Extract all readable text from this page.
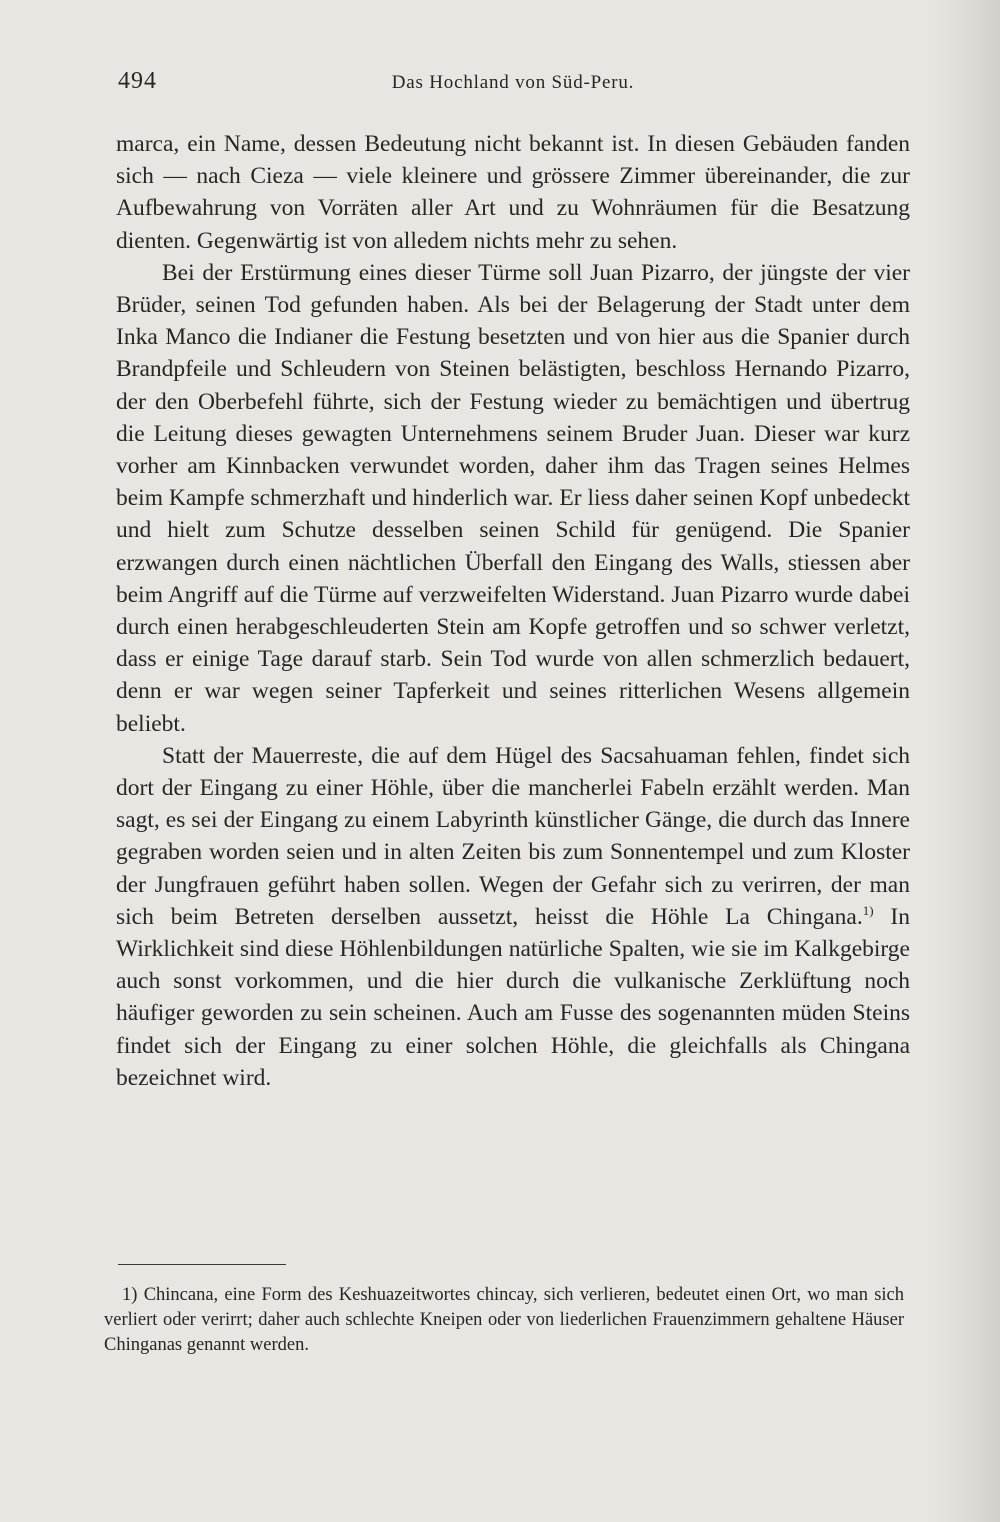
494	Das Hochland von Süd-Peru.

marca, ein Name, dessen Bedeutung nicht bekannt ist. In diesen Gebäuden fanden sich — nach Cieza — viele kleinere und grössere Zimmer übereinander, die zur Aufbewahrung von Vorräten aller Art und zu Wohnräumen für die Besatzung dienten. Gegenwärtig ist von alledem nichts mehr zu sehen.

Bei der Erstürmung eines dieser Türme soll Juan Pizarro, der jüngste der vier Brüder, seinen Tod gefunden haben. Als bei der Belagerung der Stadt unter dem Inka Manco die Indianer die Festung besetzten und von hier aus die Spanier durch Brandpfeile und Schleudern von Steinen belästigten, beschloss Hernando Pizarro, der den Oberbefehl führte, sich der Festung wieder zu bemächtigen und übertrug die Leitung dieses gewagten Unternehmens seinem Bruder Juan. Dieser war kurz vorher am Kinnbacken verwundet worden, daher ihm das Tragen seines Helmes beim Kampfe schmerzhaft und hinderlich war. Er liess daher seinen Kopf unbedeckt und hielt zum Schutze desselben seinen Schild für genügend. Die Spanier erzwangen durch einen nächtlichen Überfall den Eingang des Walls, stiessen aber beim Angriff auf die Türme auf verzweifelten Widerstand. Juan Pizarro wurde dabei durch einen herabgeschleuderten Stein am Kopfe getroffen und so schwer verletzt, dass er einige Tage darauf starb. Sein Tod wurde von allen schmerzlich bedauert, denn er war wegen seiner Tapferkeit und seines ritterlichen Wesens allgemein beliebt.

Statt der Mauerreste, die auf dem Hügel des Sacsahuaman fehlen, findet sich dort der Eingang zu einer Höhle, über die mancherlei Fabeln erzählt werden. Man sagt, es sei der Eingang zu einem Labyrinth künstlicher Gänge, die durch das Innere gegraben worden seien und in alten Zeiten bis zum Sonnentempel und zum Kloster der Jungfrauen geführt haben sollen. Wegen der Gefahr sich zu verirren, der man sich beim Betreten derselben aussetzt, heisst die Höhle La Chingana.$^{1)}$ In Wirklichkeit sind diese Höhlenbildungen natürliche Spalten, wie sie im Kalkgebirge auch sonst vorkommen, und die hier durch die vulkanische Zerklüftung noch häufiger geworden zu sein scheinen. Auch am Fusse des sogenannten müden Steins findet sich der Eingang zu einer solchen Höhle, die gleichfalls als Chingana bezeichnet wird.

1) Chincana, eine Form des Keshuazeitwortes chincay, sich verlieren, bedeutet einen Ort, wo man sich verliert oder verirrt; daher auch schlechte Kneipen oder von liederlichen Frauenzimmern gehaltene Häuser Chinganas genannt werden.
